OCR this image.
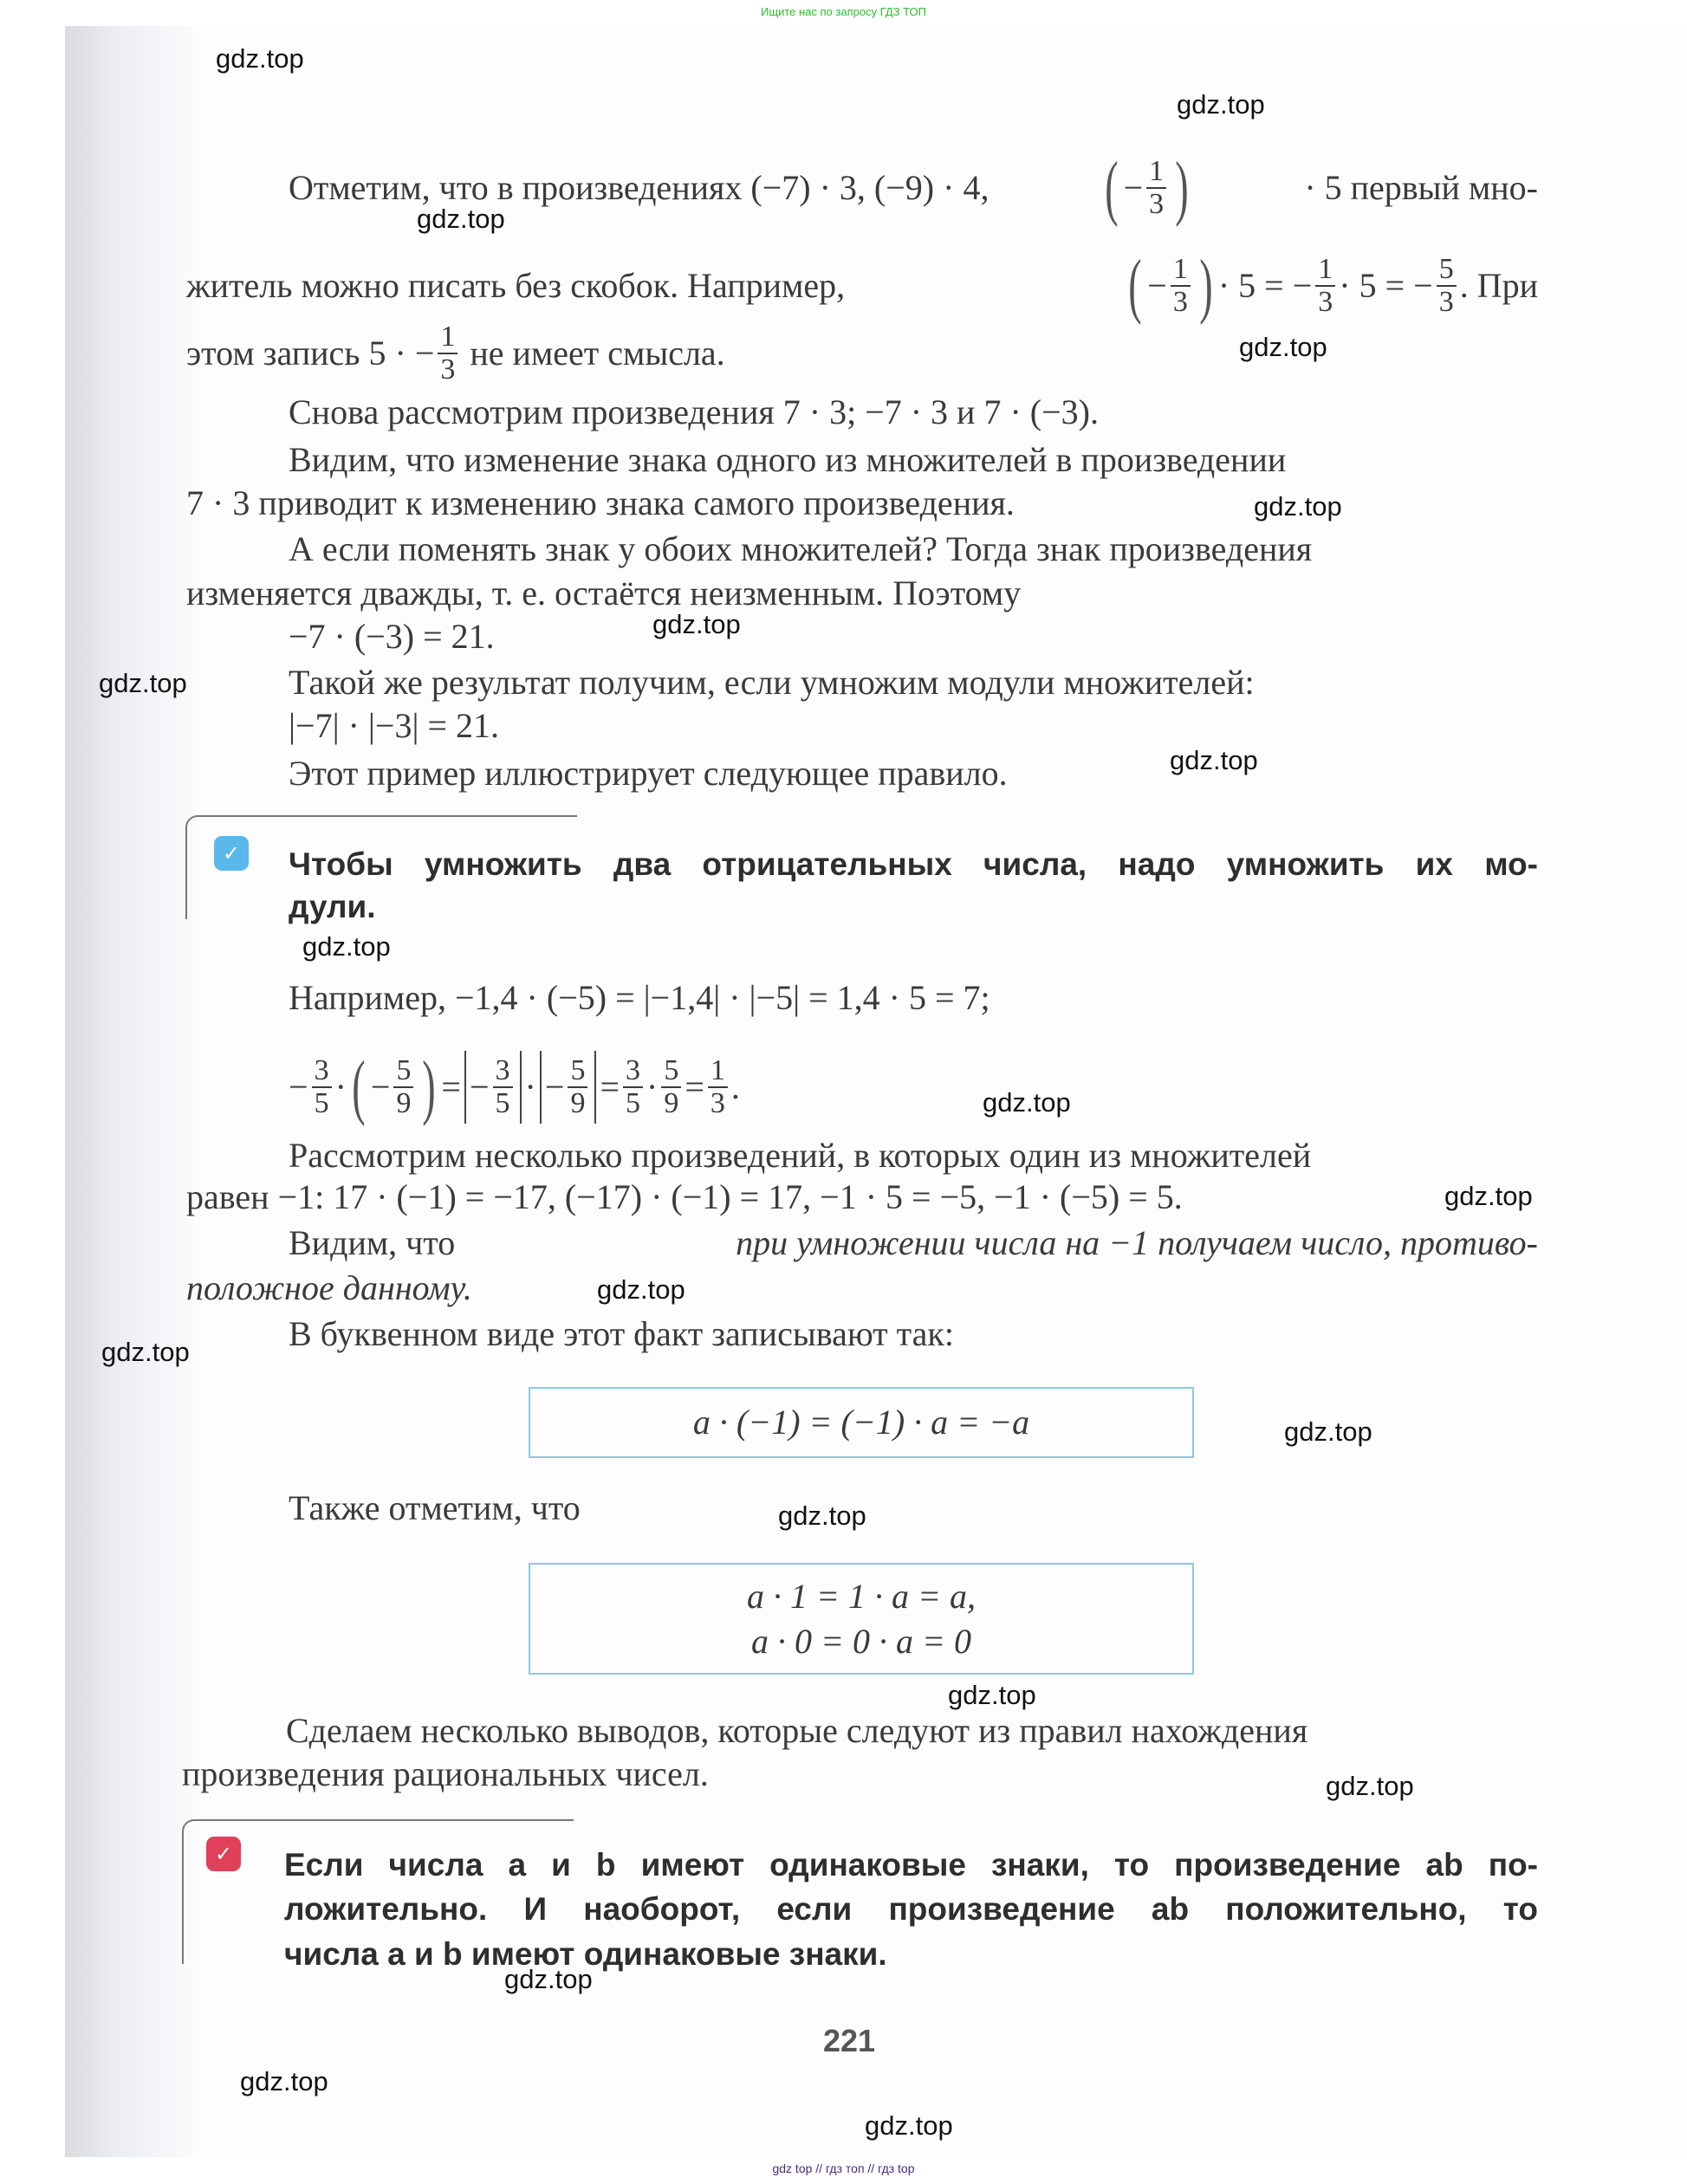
Ищите нас по запросу ГДЗ ТОП
gdz.top
gdz.top
gdz.top
gdz.top
gdz.top
gdz.top
gdz.top
gdz.top
gdz.top
gdz.top
gdz.top
gdz.top
gdz.top
gdz.top
gdz.top
gdz.top
gdz.top
gdz.top
gdz.top
gdz.top
Отметим, что в произведениях (−7) · 3, (−9) · 4, ( − $\frac{1}{3}$ )	· 5 первый мно-
житель можно писать без скобок. Например,	( − $\frac{1}{3}$ ) · 5 = − $\frac{1}{3} \cdot 5$ = − $\frac{5}{3}$ . При
этом запись 5 · − $\frac{1}{3}$
не имеет смысла.
Снова рассмотрим произведения 7 · 3; −7 · 3 и 7 · (−3).
Видим, что изменение знака одного из множителей в произведении
7 · 3 приводит к изменению знака самого произведения.
А если поменять знак у обоих множителей? Тогда знак произведения
изменяется дважды, т. е. остаётся неизменным. Поэтому
−7 · (−3) = 21.
Такой же результат получим, если умножим модули множителей:
|−7| · |−3| = 21.
Этот пример иллюстрирует следующее правило.
✓ Чтобы умножить два отрицательных числа, надо умножить их мо-
дули.
Например, −1,4 · (−5) = |−1,4| · |−5| = 1,4 · 5 = 7;
− $\frac{3}{5}$ · ( − $\frac{5}{9}$ ) = − $\frac{3}{5}$ · − $\frac{5}{9} = \frac{3}{5} \cdot \frac{5}{9} = \frac{1}{3}$ .
Рассмотрим несколько произведений, в которых один из множителей
равен −1: 17 · (−1) = −17, (−17) · (−1) = 17, −1 · 5 = −5, −1 · (−5) = 5.
Видим, что	при умножении числа на −1 получаем число, противо-
положное данному.
В буквенном виде этот факт записывают так:
a · (−1) = (−1) · a = −a
Также отметим, что
a · 1 = 1 · a = a,
a · 0 = 0 · a = 0
Сделаем несколько выводов, которые следуют из правил нахождения
произведения рациональных чисел.
✓ Если числа a и b имеют одинаковые знаки, то произведение ab по-
ложительно. И наоборот, если произведение ab положительно, то
числа a и b имеют одинаковые знаки.
221
gdz top // гдз топ // гдз top
